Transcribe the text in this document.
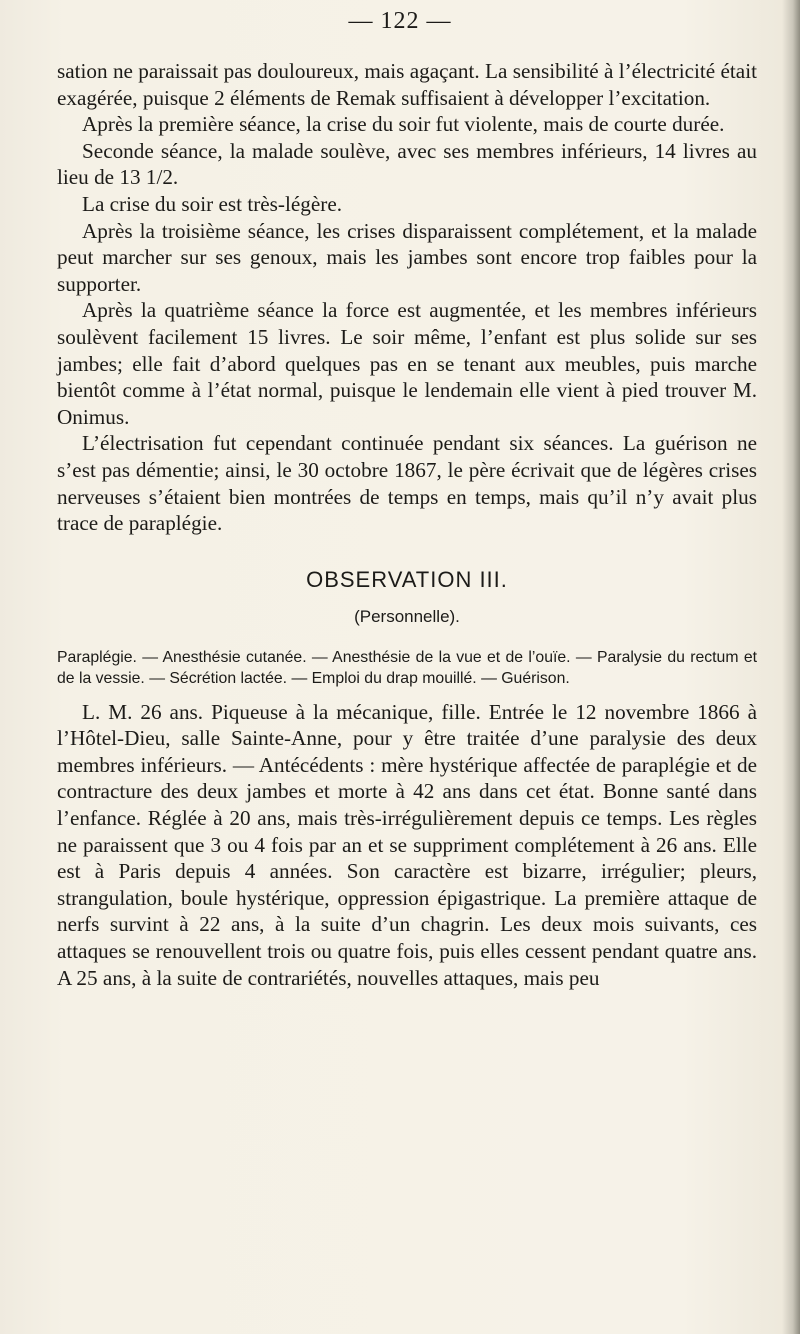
— 122 —

sation ne paraissait pas douloureux, mais agaçant. La sensibilité à l’électricité était exagérée, puisque 2 éléments de Remak suffisaient à développer l’excitation.

Après la première séance, la crise du soir fut violente, mais de courte durée.

Seconde séance, la malade soulève, avec ses membres inférieurs, 14 livres au lieu de 13 1/2.

La crise du soir est très-légère.

Après la troisième séance, les crises disparaissent complétement, et la malade peut marcher sur ses genoux, mais les jambes sont encore trop faibles pour la supporter.

Après la quatrième séance la force est augmentée, et les membres inférieurs soulèvent facilement 15 livres. Le soir même, l’enfant est plus solide sur ses jambes; elle fait d’abord quelques pas en se tenant aux meubles, puis marche bientôt comme à l’état normal, puisque le lendemain elle vient à pied trouver M. Onimus.

L’électrisation fut cependant continuée pendant six séances. La guérison ne s’est pas démentie; ainsi, le 30 octobre 1867, le père écrivait que de légères crises nerveuses s’étaient bien montrées de temps en temps, mais qu’il n’y avait plus trace de paraplégie.

OBSERVATION III.
(Personnelle).

Paraplégie. — Anesthésie cutanée. — Anesthésie de la vue et de l’ouïe. — Paralysie du rectum et de la vessie. — Sécrétion lactée. — Emploi du drap mouillé. — Guérison.

L. M. 26 ans. Piqueuse à la mécanique, fille. Entrée le 12 novembre 1866 à l’Hôtel-Dieu, salle Sainte-Anne, pour y être traitée d’une paralysie des deux membres inférieurs. — Antécédents : mère hystérique affectée de paraplégie et de contracture des deux jambes et morte à 42 ans dans cet état. Bonne santé dans l’enfance. Réglée à 20 ans, mais très-irrégulièrement depuis ce temps. Les règles ne paraissent que 3 ou 4 fois par an et se suppriment complétement à 26 ans. Elle est à Paris depuis 4 années. Son caractère est bizarre, irrégulier; pleurs, strangulation, boule hystérique, oppression épigastrique. La première attaque de nerfs survint à 22 ans, à la suite d’un chagrin. Les deux mois suivants, ces attaques se renouvellent trois ou quatre fois, puis elles cessent pendant quatre ans. A 25 ans, à la suite de contrariétés, nouvelles attaques, mais peu
